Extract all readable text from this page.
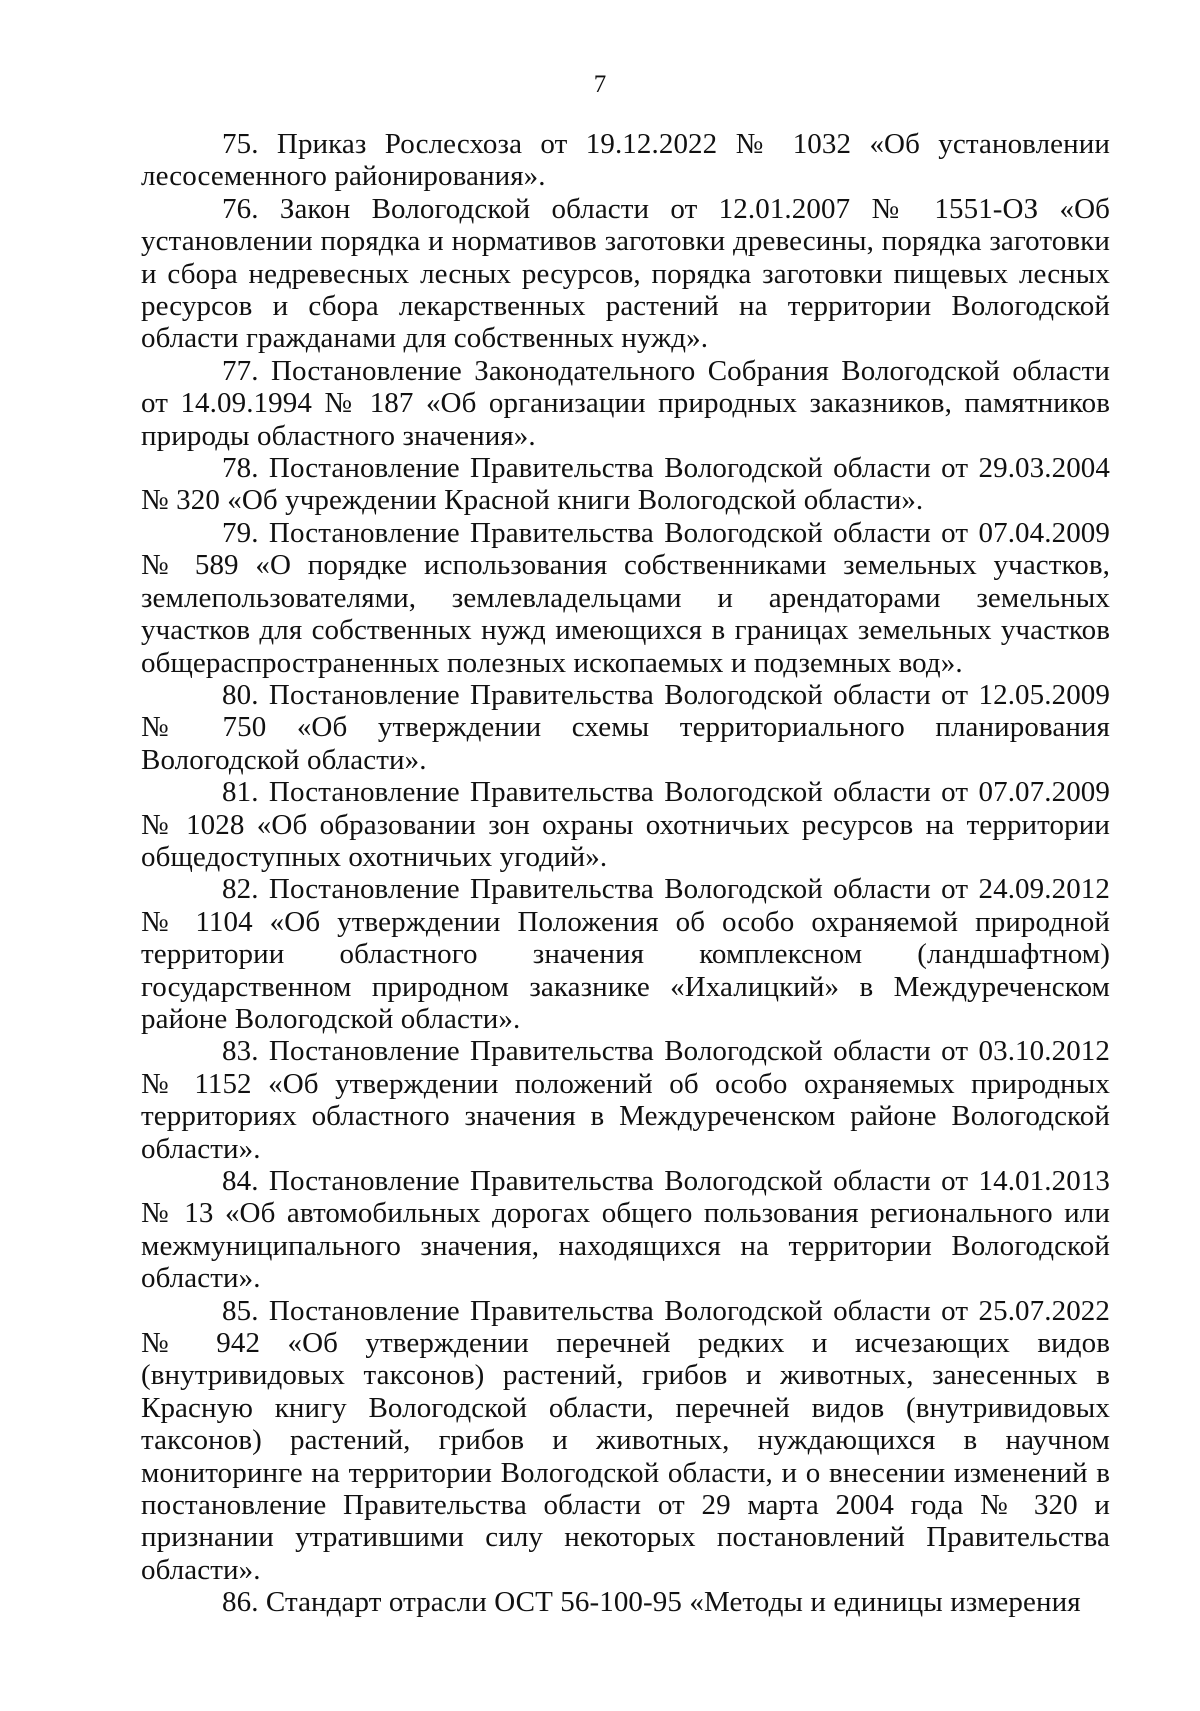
7

75. Приказ Рослесхоза от 19.12.2022 № 1032 «Об установлении лесосеменного районирования».

76. Закон Вологодской области от 12.01.2007 № 1551-ОЗ «Об установлении порядка и нормативов заготовки древесины, порядка заготовки и сбора недревесных лесных ресурсов, порядка заготовки пищевых лесных ресурсов и сбора лекарственных растений на территории Вологодской области гражданами для собственных нужд».

77. Постановление Законодательного Собрания Вологодской области от 14.09.1994 № 187 «Об организации природных заказников, памятников природы областного значения».

78. Постановление Правительства Вологодской области от 29.03.2004 № 320 «Об учреждении Красной книги Вологодской области».

79. Постановление Правительства Вологодской области от 07.04.2009 № 589 «О порядке использования собственниками земельных участков, землепользователями, землевладельцами и арендаторами земельных участков для собственных нужд имеющихся в границах земельных участков общераспространенных полезных ископаемых и подземных вод».

80. Постановление Правительства Вологодской области от 12.05.2009 № 750 «Об утверждении схемы территориального планирования Вологодской области».

81. Постановление Правительства Вологодской области от 07.07.2009 № 1028 «Об образовании зон охраны охотничьих ресурсов на территории общедоступных охотничьих угодий».

82. Постановление Правительства Вологодской области от 24.09.2012 № 1104 «Об утверждении Положения об особо охраняемой природной территории областного значения комплексном (ландшафтном) государственном природном заказнике «Ихалицкий» в Междуреченском районе Вологодской области».

83. Постановление Правительства Вологодской области от 03.10.2012 № 1152 «Об утверждении положений об особо охраняемых природных территориях областного значения в Междуреченском районе Вологодской области».

84. Постановление Правительства Вологодской области от 14.01.2013 № 13 «Об автомобильных дорогах общего пользования регионального или межмуниципального значения, находящихся на территории Вологодской области».

85. Постановление Правительства Вологодской области от 25.07.2022 № 942 «Об утверждении перечней редких и исчезающих видов (внутривидовых таксонов) растений, грибов и животных, занесенных в Красную книгу Вологодской области, перечней видов (внутривидовых таксонов) растений, грибов и животных, нуждающихся в научном мониторинге на территории Вологодской области, и о внесении изменений в постановление Правительства области от 29 марта 2004 года № 320 и признании утратившими силу некоторых постановлений Правительства области».

86. Стандарт отрасли ОСТ 56-100-95 «Методы и единицы измерения
